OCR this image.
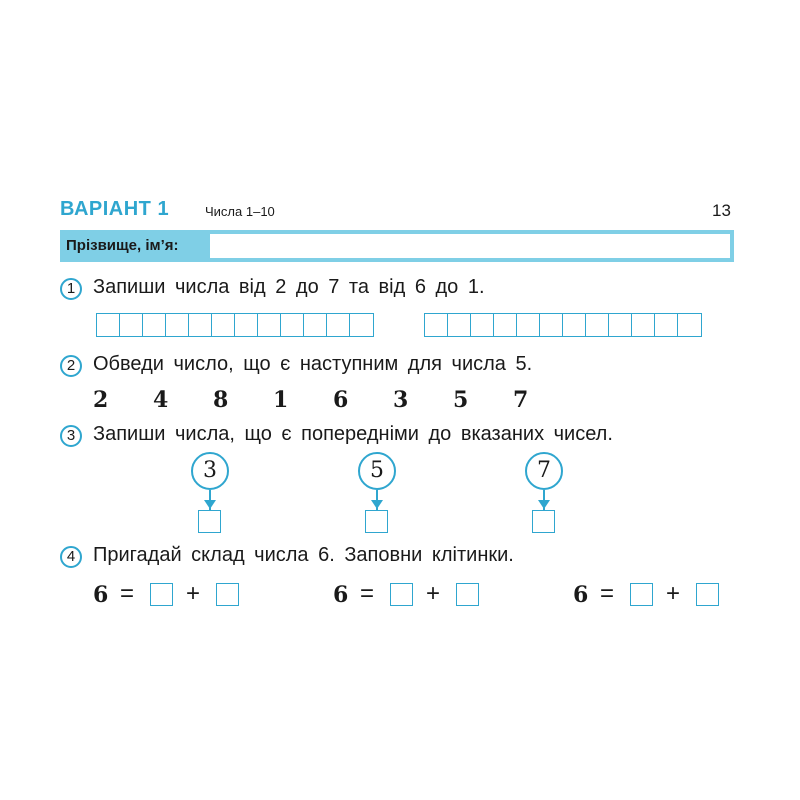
ВАРІАНТ 1	Числа 1–10	13
Прізвище, ім’я:
1 Запиши числа від 2 до 7 та від 6 до 1.
2 Обведи число, що є наступним для числа 5.
2 4 8 1 6 3 5 7
3 Запиши числа, що є попередніми до вказаних чисел.
3	5	7
4 Пригадай склад числа 6. Заповни клітинки.
6 = +	6 = +	6 = +
